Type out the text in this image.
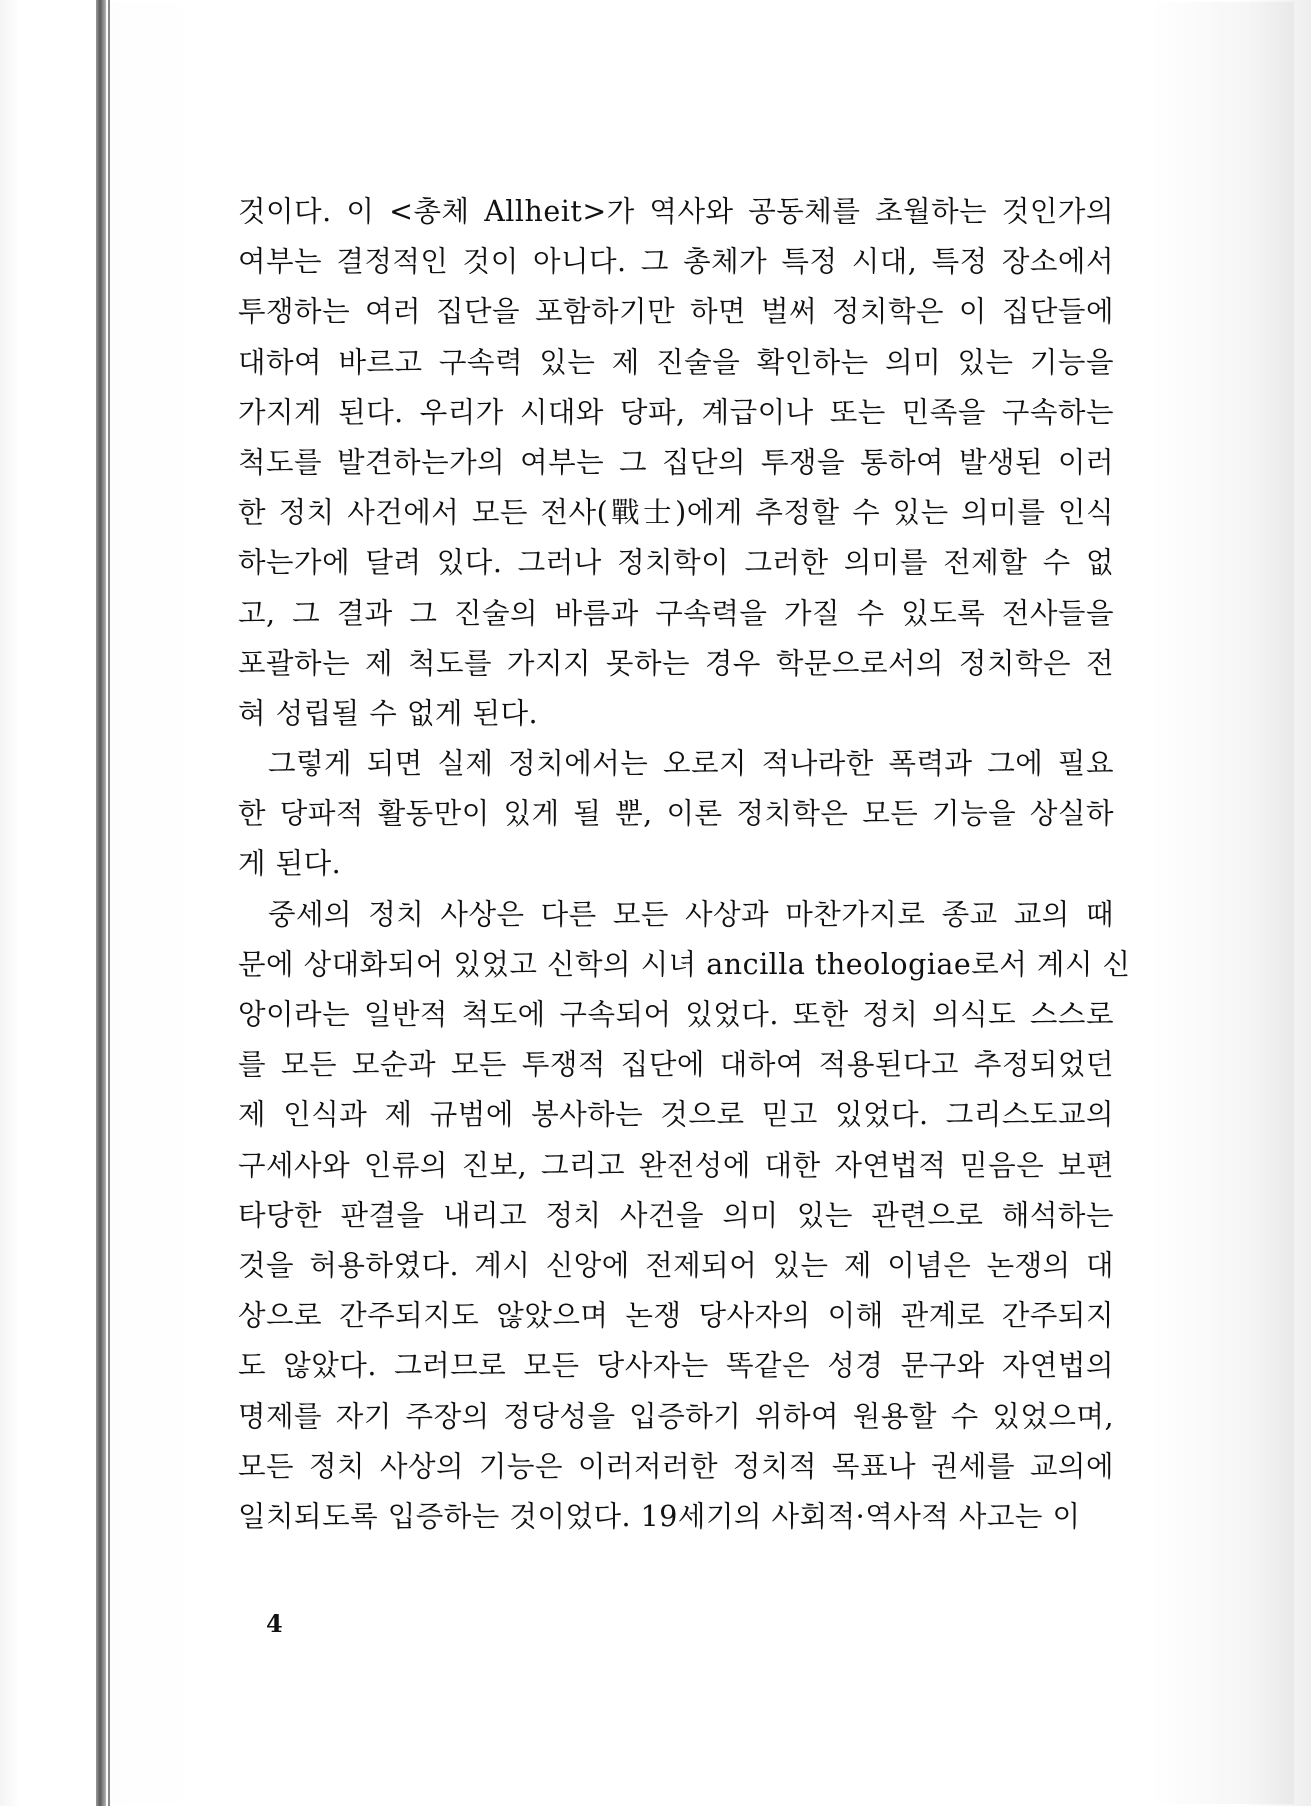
것이다. 이 <총체 Allheit>가 역사와 공동체를 초월하는 것인가의
여부는 결정적인 것이 아니다. 그 총체가 특정 시대, 특정 장소에서
투쟁하는 여러 집단을 포함하기만 하면 벌써 정치학은 이 집단들에
대하여 바르고 구속력 있는 제 진술을 확인하는 의미 있는 기능을
가지게 된다. 우리가 시대와 당파, 계급이나 또는 민족을 구속하는
척도를 발견하는가의 여부는 그 집단의 투쟁을 통하여 발생된 이러
한 정치 사건에서 모든 전사(戰士)에게 추정할 수 있는 의미를 인식
하는가에 달려 있다. 그러나 정치학이 그러한 의미를 전제할 수 없
고, 그 결과 그 진술의 바름과 구속력을 가질 수 있도록 전사들을
포괄하는 제 척도를 가지지 못하는 경우 학문으로서의 정치학은 전
혀 성립될 수 없게 된다.
그렇게 되면 실제 정치에서는 오로지 적나라한 폭력과 그에 필요
한 당파적 활동만이 있게 될 뿐, 이론 정치학은 모든 기능을 상실하
게 된다.
중세의 정치 사상은 다른 모든 사상과 마찬가지로 종교 교의 때
문에 상대화되어 있었고 신학의 시녀 ancilla theologiae로서 계시 신
앙이라는 일반적 척도에 구속되어 있었다. 또한 정치 의식도 스스로
를 모든 모순과 모든 투쟁적 집단에 대하여 적용된다고 추정되었던
제 인식과 제 규범에 봉사하는 것으로 믿고 있었다. 그리스도교의
구세사와 인류의 진보, 그리고 완전성에 대한 자연법적 믿음은 보편
타당한 판결을 내리고 정치 사건을 의미 있는 관련으로 해석하는
것을 허용하였다. 계시 신앙에 전제되어 있는 제 이념은 논쟁의 대
상으로 간주되지도 않았으며 논쟁 당사자의 이해 관계로 간주되지
도 않았다. 그러므로 모든 당사자는 똑같은 성경 문구와 자연법의
명제를 자기 주장의 정당성을 입증하기 위하여 원용할 수 있었으며,
모든 정치 사상의 기능은 이러저러한 정치적 목표나 권세를 교의에
일치되도록 입증하는 것이었다. 19세기의 사회적·역사적 사고는 이
4
